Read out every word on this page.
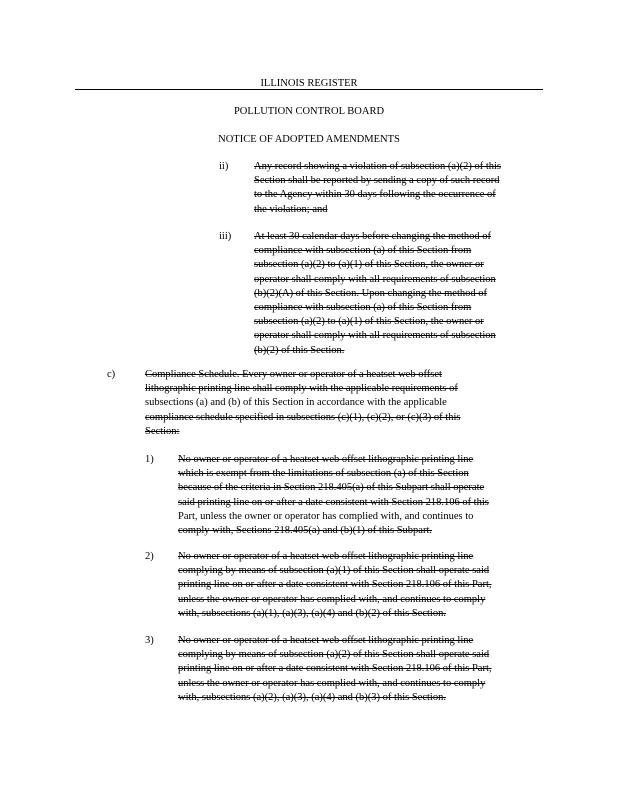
ILLINOIS REGISTER
POLLUTION CONTROL BOARD
NOTICE OF ADOPTED AMENDMENTS
ii) Any record showing a violation of subsection (a)(2) of this
Section shall be reported by sending a copy of such record
to the Agency within 30 days following the occurrence of
the violation; and
iii) At least 30 calendar days before changing the method of
compliance with subsection (a) of this Section from
subsection (a)(2) to (a)(1) of this Section, the owner or
operator shall comply with all requirements of subsection
(b)(2)(A) of this Section. Upon changing the method of
compliance with subsection (a) of this Section from
subsection (a)(2) to (a)(1) of this Section, the owner or
operator shall comply with all requirements of subsection
(b)(2) of this Section.
c)	Compliance Schedule. Every owner or operator of a heatset web offset
lithographic printing line shall comply with the applicable requirements of
subsections (a) and (b) of this Section in accordance with the applicable
compliance schedule specified in subsections (c)(1), (c)(2), or (c)(3) of this
Section:
1) No owner or operator of a heatset web offset lithographic printing line
which is exempt from the limitations of subsection (a) of this Section
because of the criteria in Section 218.405(a) of this Subpart shall operate
said printing line on or after a date consistent with Section 218.106 of this
Part, unless the owner or operator has complied with, and continues to
comply with, Sections 218.405(a) and (b)(1) of this Subpart.
2) No owner or operator of a heatset web offset lithographic printing line
complying by means of subsection (a)(1) of this Section shall operate said
printing line on or after a date consistent with Section 218.106 of this Part,
unless the owner or operator has complied with, and continues to comply
with, subsections (a)(1), (a)(3), (a)(4) and (b)(2) of this Section.
3) No owner or operator of a heatset web offset lithographic printing line
complying by means of subsection (a)(2) of this Section shall operate said
printing line on or after a date consistent with Section 218.106 of this Part,
unless the owner or operator has complied with, and continues to comply
with, subsections (a)(2), (a)(3), (a)(4) and (b)(3) of this Section.
